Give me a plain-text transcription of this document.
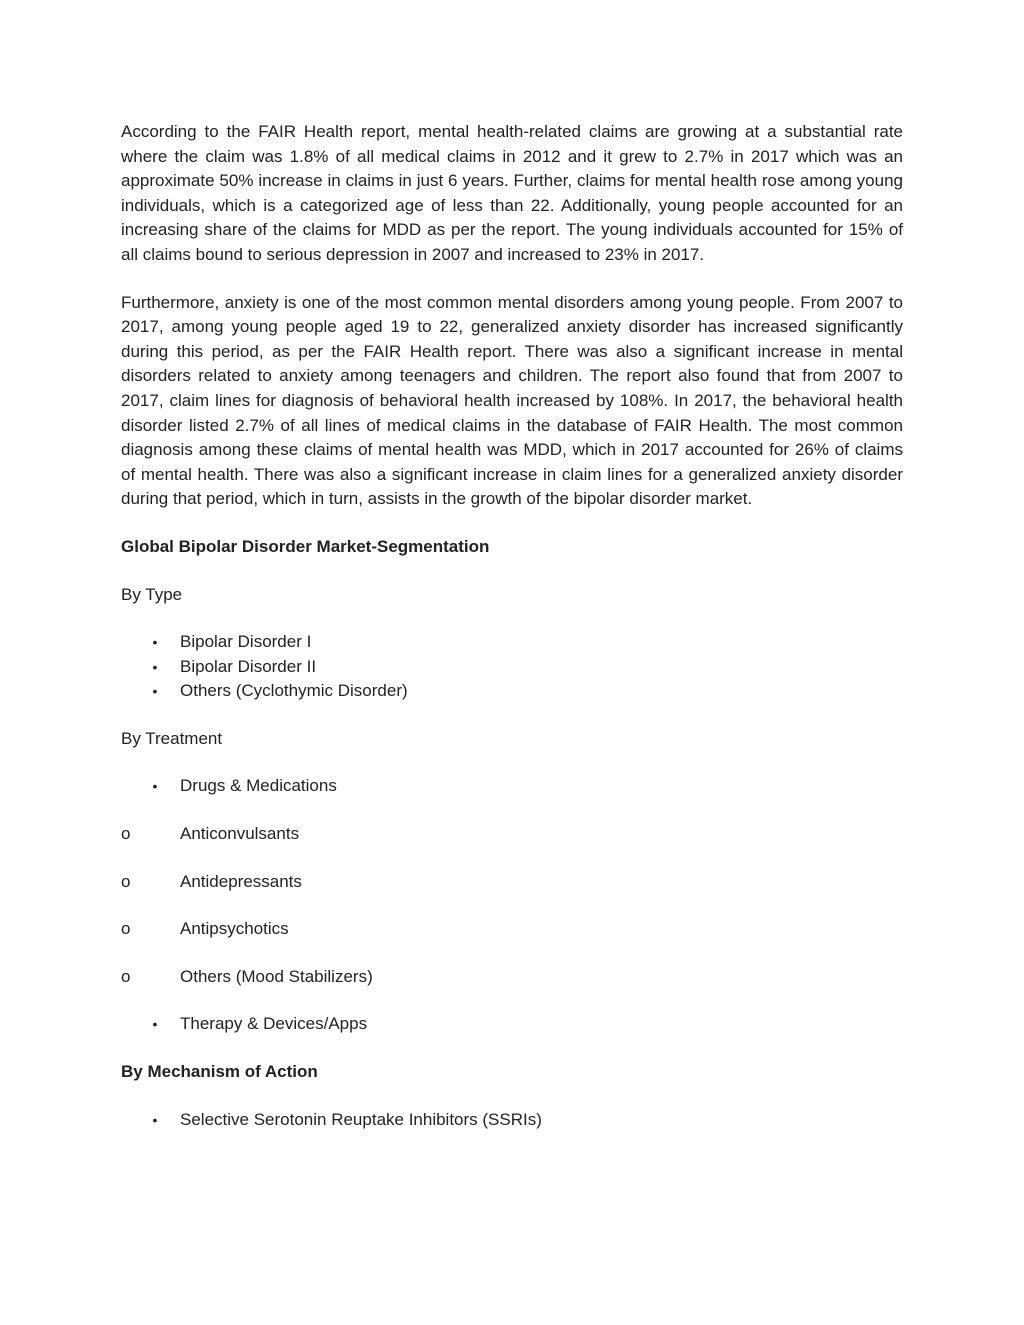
According to the FAIR Health report, mental health-related claims are growing at a substantial rate where the claim was 1.8% of all medical claims in 2012 and it grew to 2.7% in 2017 which was an approximate 50% increase in claims in just 6 years. Further, claims for mental health rose among young individuals, which is a categorized age of less than 22. Additionally, young people accounted for an increasing share of the claims for MDD as per the report. The young individuals accounted for 15% of all claims bound to serious depression in 2007 and increased to 23% in 2017.

Furthermore, anxiety is one of the most common mental disorders among young people. From 2007 to 2017, among young people aged 19 to 22, generalized anxiety disorder has increased significantly during this period, as per the FAIR Health report. There was also a significant increase in mental disorders related to anxiety among teenagers and children. The report also found that from 2007 to 2017, claim lines for diagnosis of behavioral health increased by 108%. In 2017, the behavioral health disorder listed 2.7% of all lines of medical claims in the database of FAIR Health. The most common diagnosis among these claims of mental health was MDD, which in 2017 accounted for 26% of claims of mental health. There was also a significant increase in claim lines for a generalized anxiety disorder during that period, which in turn, assists in the growth of the bipolar disorder market.

Global Bipolar Disorder Market-Segmentation
By Type
• Bipolar Disorder I
• Bipolar Disorder II
• Others (Cyclothymic Disorder)
By Treatment
• Drugs & Medications
o	Anticonvulsants
o	Antidepressants
o	Antipsychotics
o	Others (Mood Stabilizers)
• Therapy & Devices/Apps
By Mechanism of Action
• Selective Serotonin Reuptake Inhibitors (SSRIs)
